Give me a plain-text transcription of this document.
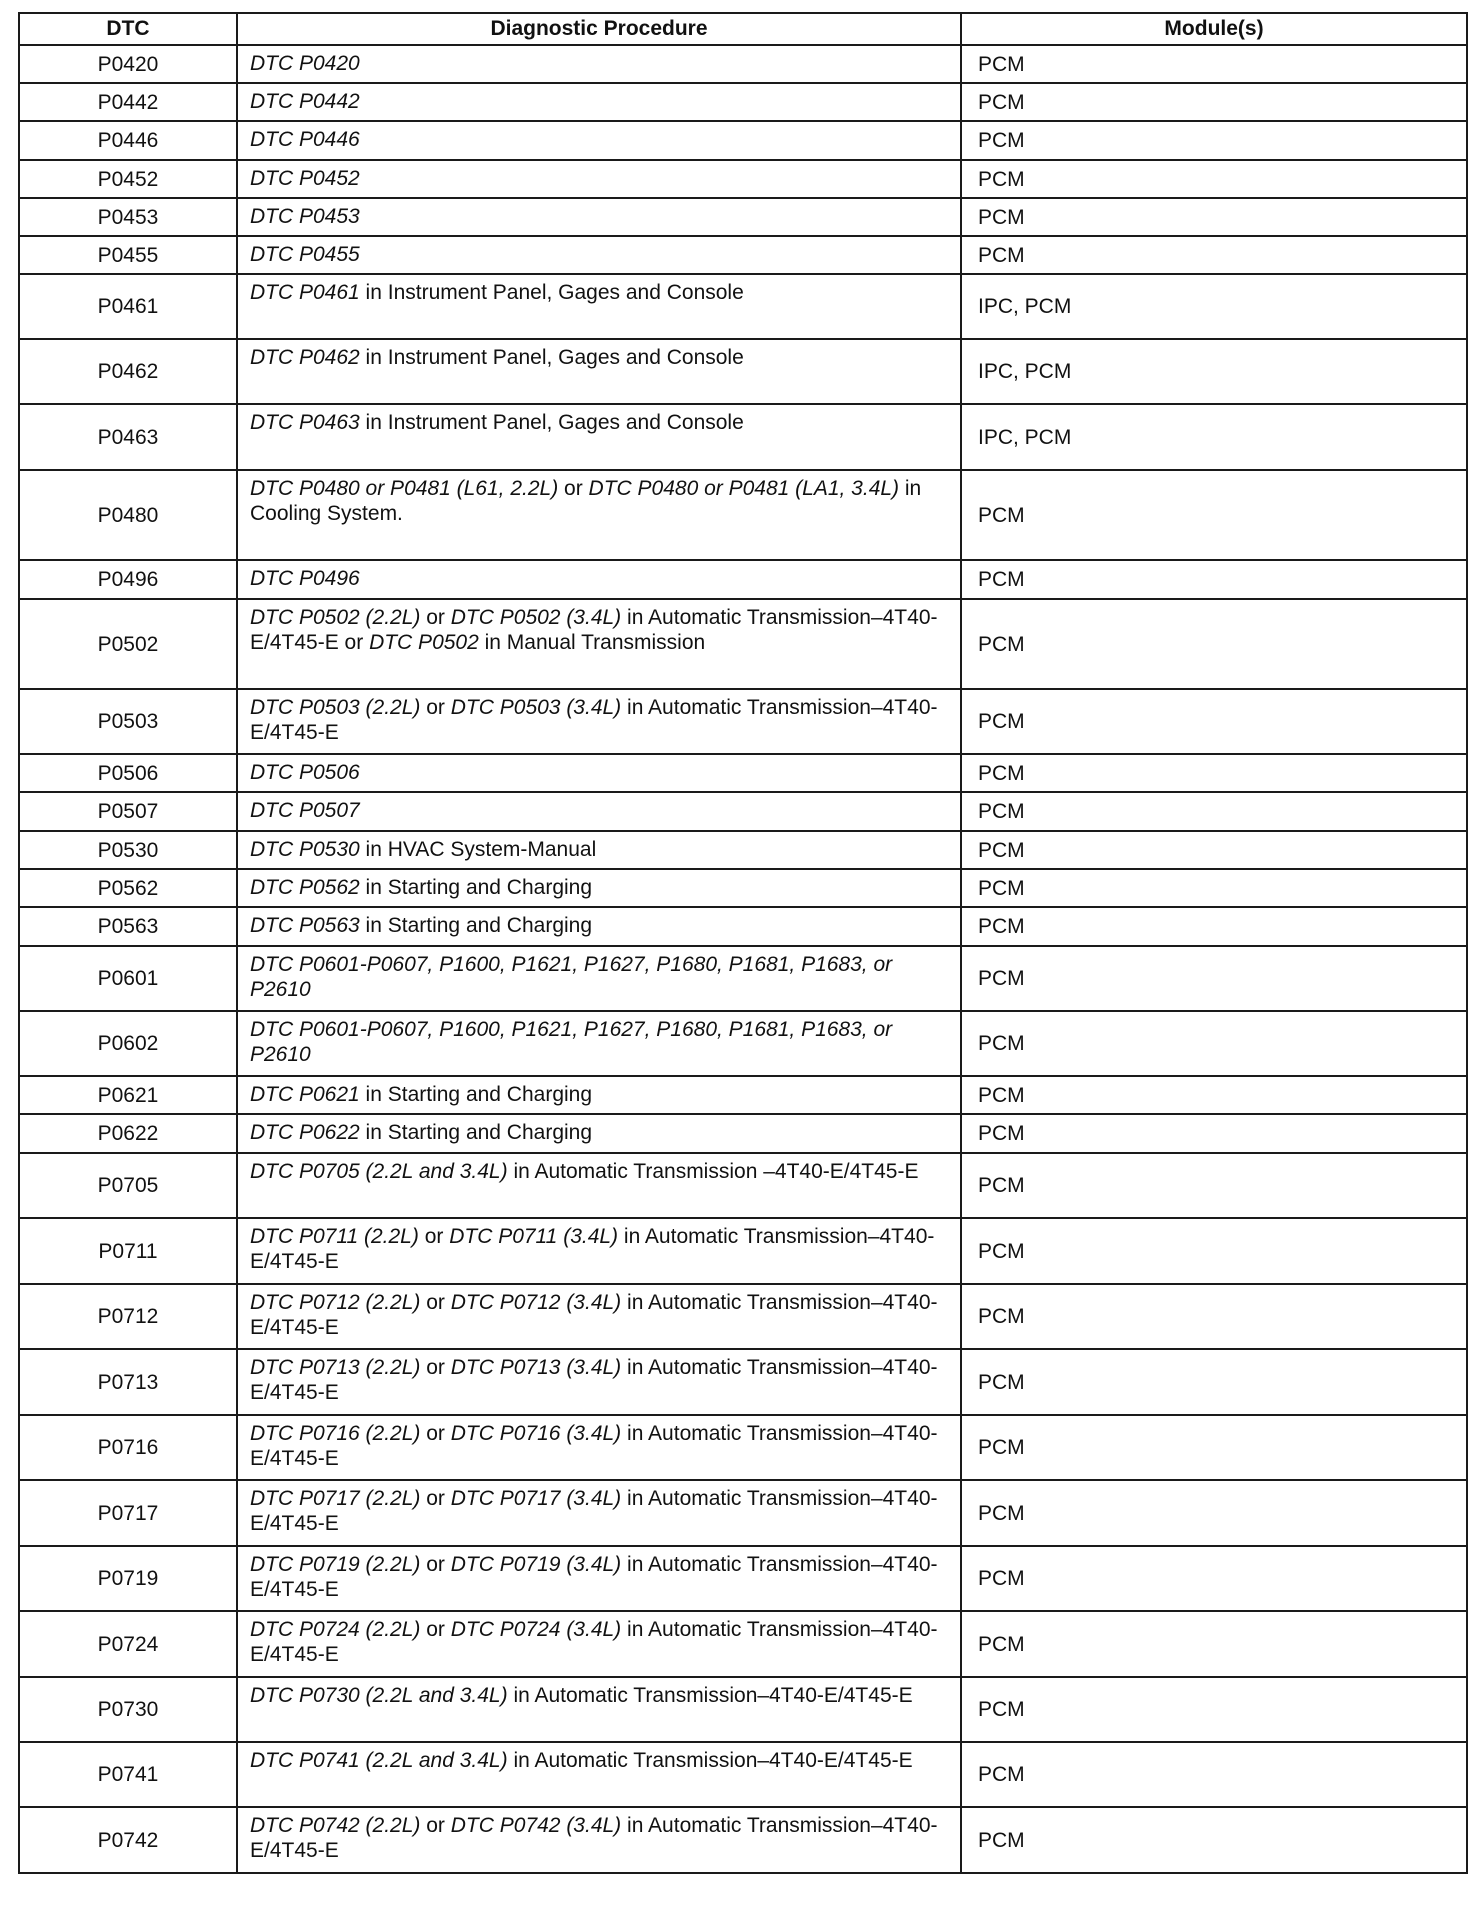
DTC	Diagnostic Procedure	Module(s)
P0420	DTC P0420	PCM
P0442	DTC P0442	PCM
P0446	DTC P0446	PCM
P0452	DTC P0452	PCM
P0453	DTC P0453	PCM
P0455	DTC P0455	PCM
P0461	DTC P0461 in Instrument Panel, Gages and Console	IPC, PCM
P0462	DTC P0462 in Instrument Panel, Gages and Console	IPC, PCM
P0463	DTC P0463 in Instrument Panel, Gages and Console	IPC, PCM
P0480	DTC P0480 or P0481 (L61, 2.2L) or DTC P0480 or P0481 (LA1, 3.4L) in Cooling System.	PCM
P0496	DTC P0496	PCM
P0502	DTC P0502 (2.2L) or DTC P0502 (3.4L) in Automatic Transmission–4T40-E/4T45-E or DTC P0502 in Manual Transmission	PCM
P0503	DTC P0503 (2.2L) or DTC P0503 (3.4L) in Automatic Transmission–4T40-E/4T45-E	PCM
P0506	DTC P0506	PCM
P0507	DTC P0507	PCM
P0530	DTC P0530 in HVAC System-Manual	PCM
P0562	DTC P0562 in Starting and Charging	PCM
P0563	DTC P0563 in Starting and Charging	PCM
P0601	DTC P0601-P0607, P1600, P1621, P1627, P1680, P1681, P1683, or P2610	PCM
P0602	DTC P0601-P0607, P1600, P1621, P1627, P1680, P1681, P1683, or P2610	PCM
P0621	DTC P0621 in Starting and Charging	PCM
P0622	DTC P0622 in Starting and Charging	PCM
P0705	DTC P0705 (2.2L and 3.4L) in Automatic Transmission –4T40-E/4T45-E	PCM
P0711	DTC P0711 (2.2L) or DTC P0711 (3.4L) in Automatic Transmission–4T40-E/4T45-E	PCM
P0712	DTC P0712 (2.2L) or DTC P0712 (3.4L) in Automatic Transmission–4T40-E/4T45-E	PCM
P0713	DTC P0713 (2.2L) or DTC P0713 (3.4L) in Automatic Transmission–4T40-E/4T45-E	PCM
P0716	DTC P0716 (2.2L) or DTC P0716 (3.4L) in Automatic Transmission–4T40-E/4T45-E	PCM
P0717	DTC P0717 (2.2L) or DTC P0717 (3.4L) in Automatic Transmission–4T40-E/4T45-E	PCM
P0719	DTC P0719 (2.2L) or DTC P0719 (3.4L) in Automatic Transmission–4T40-E/4T45-E	PCM
P0724	DTC P0724 (2.2L) or DTC P0724 (3.4L) in Automatic Transmission–4T40-E/4T45-E	PCM
P0730	DTC P0730 (2.2L and 3.4L) in Automatic Transmission–4T40-E/4T45-E	PCM
P0741	DTC P0741 (2.2L and 3.4L) in Automatic Transmission–4T40-E/4T45-E	PCM
P0742	DTC P0742 (2.2L) or DTC P0742 (3.4L) in Automatic Transmission–4T40-E/4T45-E	PCM
